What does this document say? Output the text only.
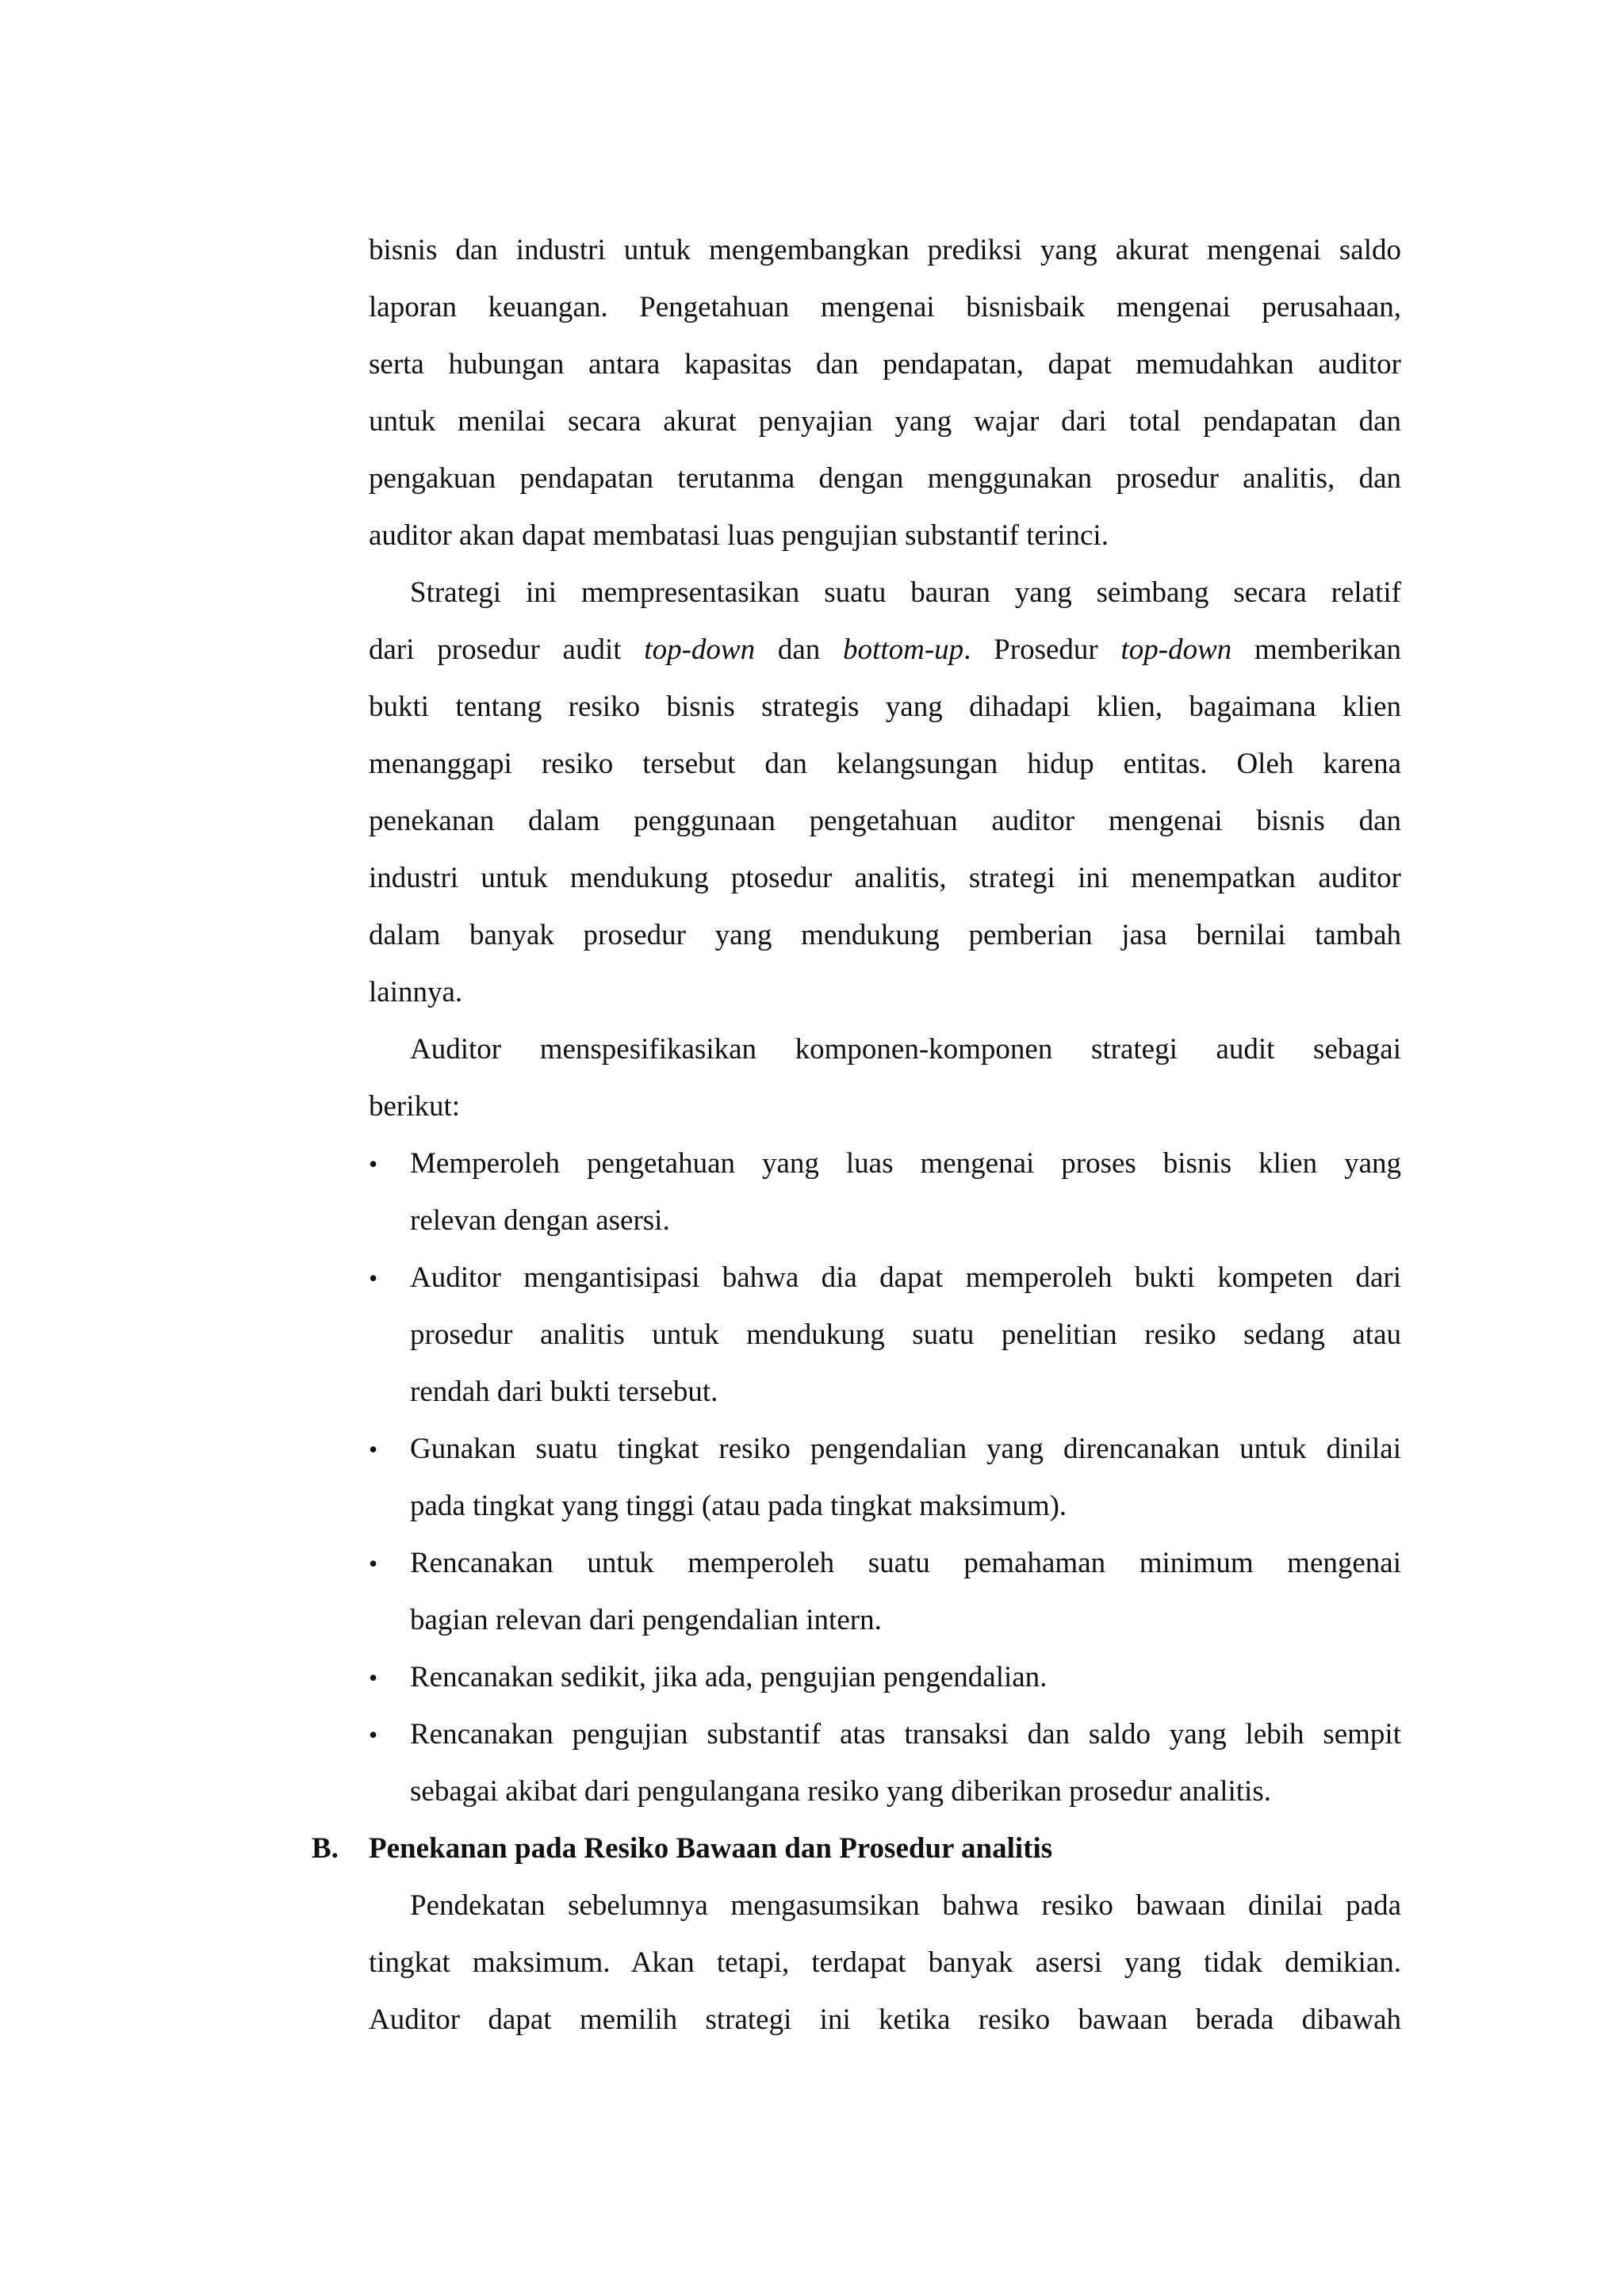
bisnis dan industri untuk mengembangkan prediksi yang akurat mengenai saldo
laporan keuangan. Pengetahuan mengenai bisnisbaik mengenai perusahaan,
serta hubungan antara kapasitas dan pendapatan, dapat memudahkan auditor
untuk menilai secara akurat penyajian yang wajar dari total pendapatan dan
pengakuan pendapatan terutanma dengan menggunakan prosedur analitis, dan
auditor akan dapat membatasi luas pengujian substantif terinci.
Strategi ini mempresentasikan suatu bauran yang seimbang secara relatif
dari prosedur audit top-down dan bottom-up. Prosedur top-down memberikan
bukti tentang resiko bisnis strategis yang dihadapi klien, bagaimana klien
menanggapi resiko tersebut dan kelangsungan hidup entitas. Oleh karena
penekanan dalam penggunaan pengetahuan auditor mengenai bisnis dan
industri untuk mendukung ptosedur analitis, strategi ini menempatkan auditor
dalam banyak prosedur yang mendukung pemberian jasa bernilai tambah
lainnya.
Auditor menspesifikasikan komponen-komponen strategi audit sebagai
berikut:
•	Memperoleh pengetahuan yang luas mengenai proses bisnis klien yang
relevan dengan asersi.
•	Auditor mengantisipasi bahwa dia dapat memperoleh bukti kompeten dari
prosedur analitis untuk mendukung suatu penelitian resiko sedang atau
rendah dari bukti tersebut.
•	Gunakan suatu tingkat resiko pengendalian yang direncanakan untuk dinilai
pada tingkat yang tinggi (atau pada tingkat maksimum).
•	Rencanakan untuk memperoleh suatu pemahaman minimum mengenai
bagian relevan dari pengendalian intern.
•	Rencanakan sedikit, jika ada, pengujian pengendalian.
•	Rencanakan pengujian substantif atas transaksi dan saldo yang lebih sempit
sebagai akibat dari pengulangana resiko yang diberikan prosedur analitis.
B. Penekanan pada Resiko Bawaan dan Prosedur analitis
Pendekatan sebelumnya mengasumsikan bahwa resiko bawaan dinilai pada
tingkat maksimum. Akan tetapi, terdapat banyak asersi yang tidak demikian.
Auditor dapat memilih strategi ini ketika resiko bawaan berada dibawah
